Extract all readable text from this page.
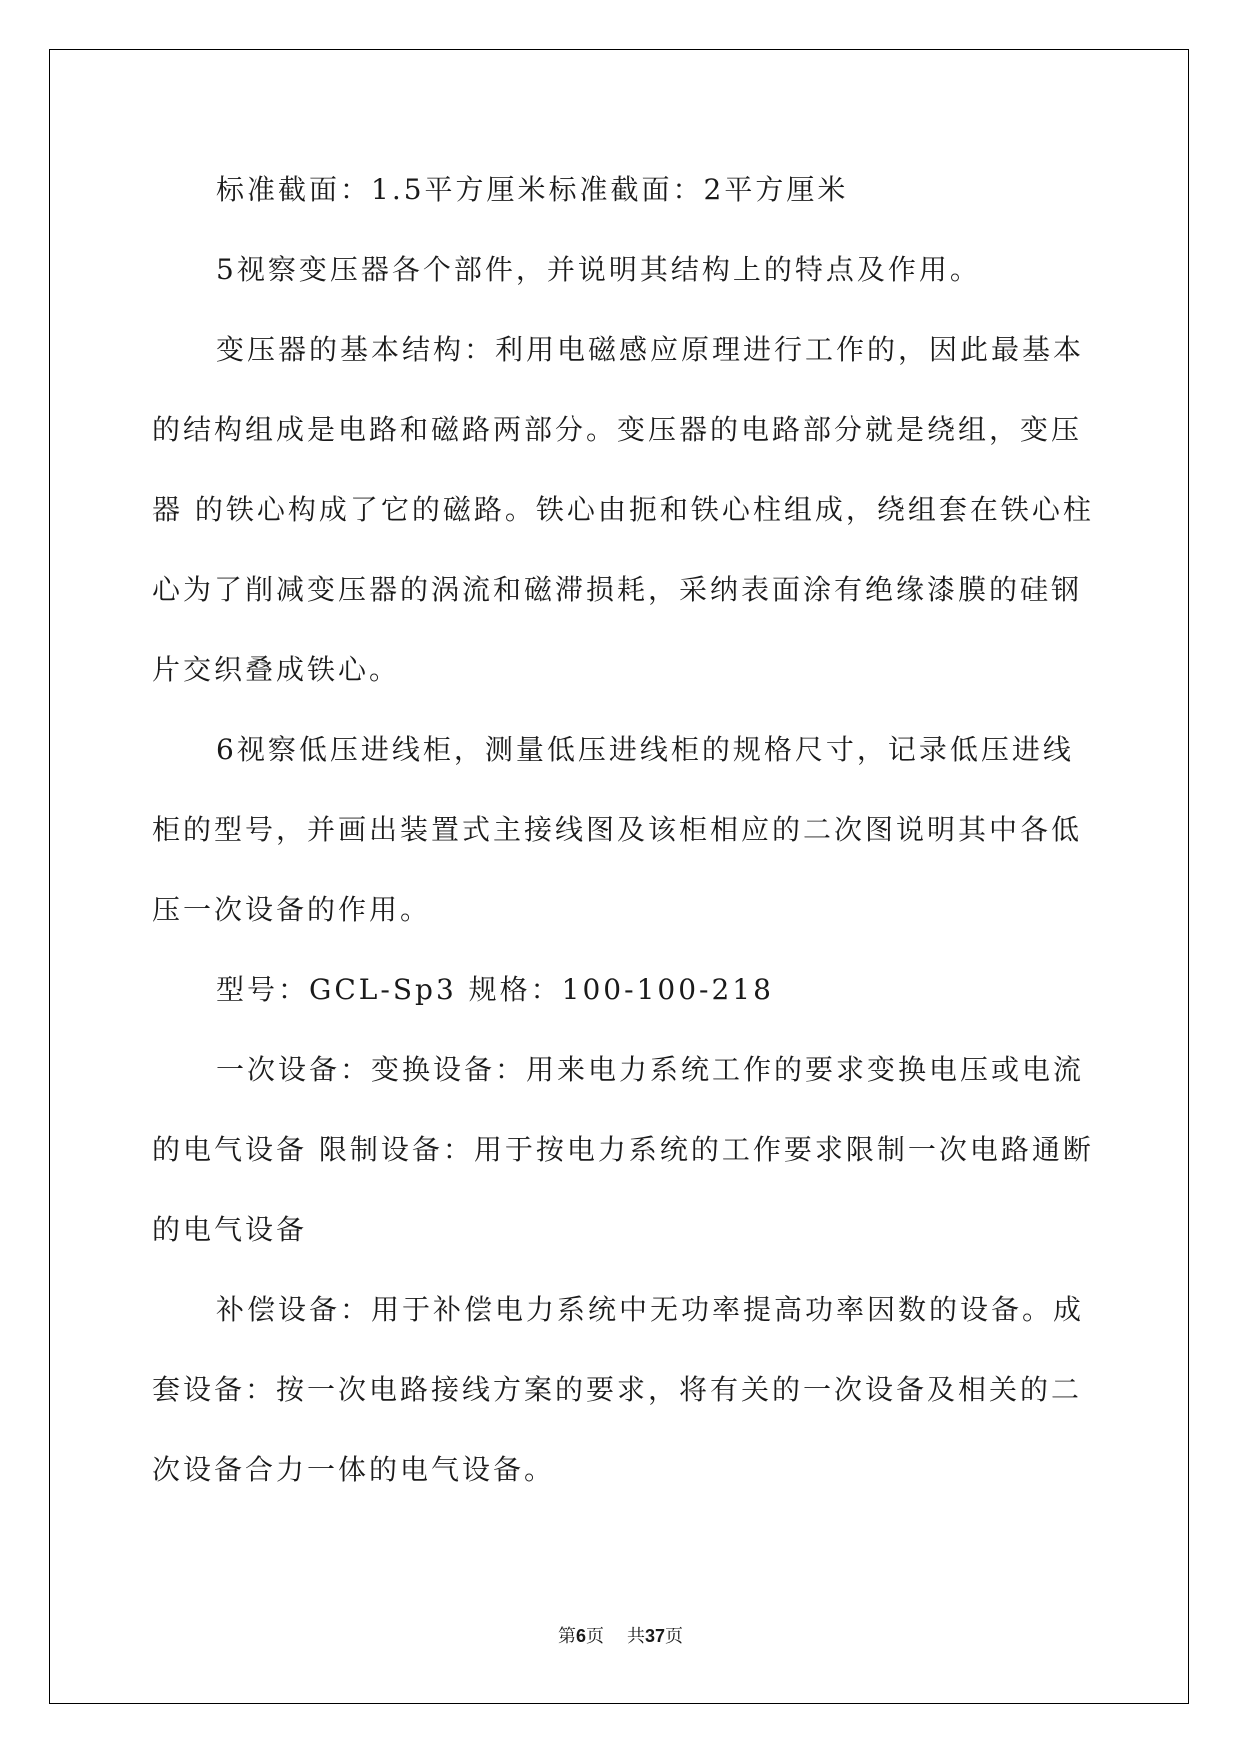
标准截面：1.5平方厘米标准截面：2平方厘米
5视察变压器各个部件，并说明其结构上的特点及作用。
变压器的基本结构：利用电磁感应原理进行工作的，因此最基本
的结构组成是电路和磁路两部分。变压器的电路部分就是绕组，变压
器 的铁心构成了它的磁路。铁心由扼和铁心柱组成，绕组套在铁心柱
心为了削减变压器的涡流和磁滞损耗，采纳表面涂有绝缘漆膜的硅钢
片交织叠成铁心。
6视察低压进线柜，测量低压进线柜的规格尺寸，记录低压进线
柜的型号，并画出装置式主接线图及该柜相应的二次图说明其中各低
压一次设备的作用。
型号：GCL-Sp3 规格：100-100-218
一次设备：变换设备：用来电力系统工作的要求变换电压或电流
的电气设备 限制设备：用于按电力系统的工作要求限制一次电路通断
的电气设备
补偿设备：用于补偿电力系统中无功率提高功率因数的设备。成
套设备：按一次电路接线方案的要求，将有关的一次设备及相关的二
次设备合力一体的电气设备。
第6页 共37页
